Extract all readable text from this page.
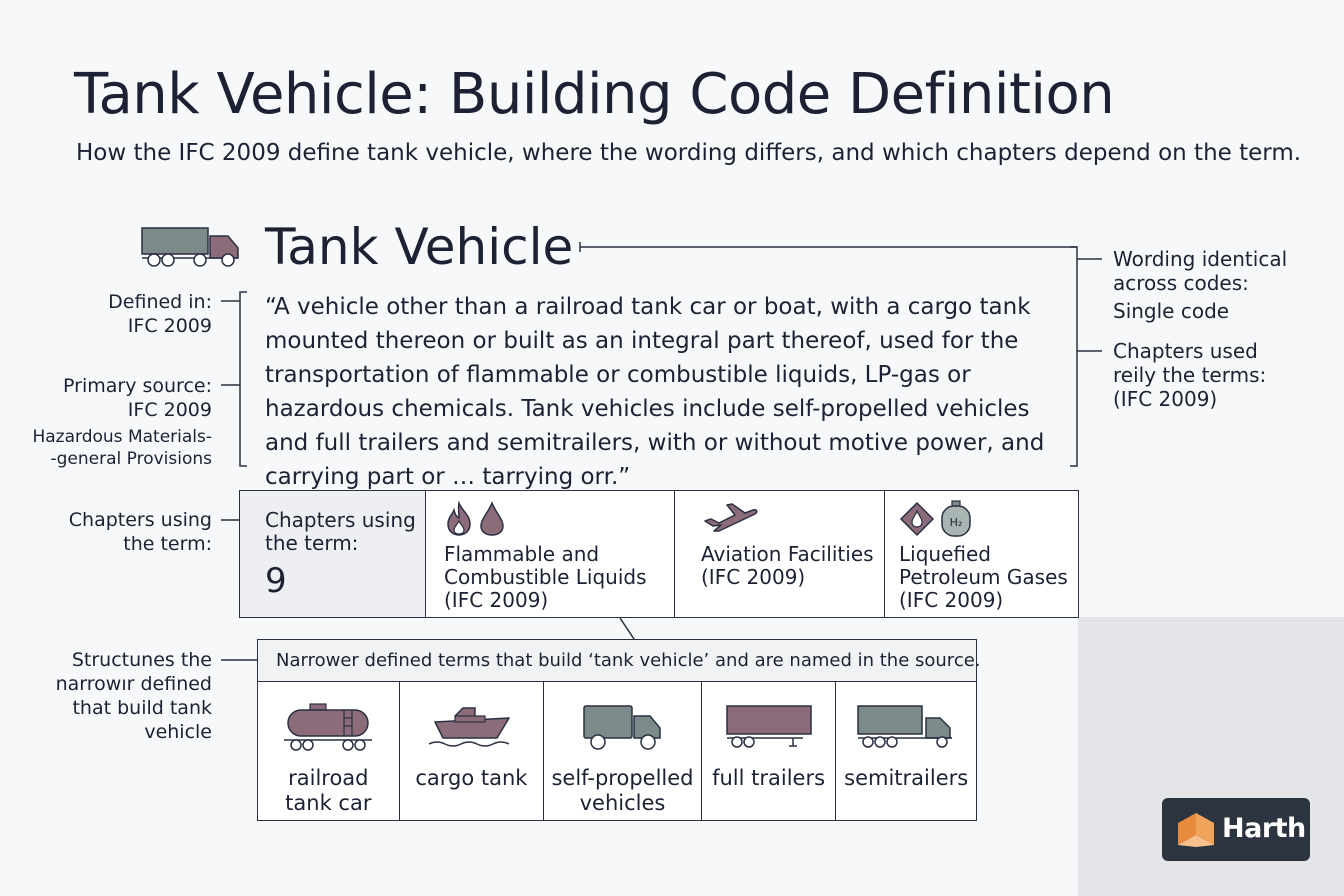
Tank Vehicle: Building Code Definition
How the IFC 2009 define tank vehicle, where the wording differs, and which chapters depend on the term.
Tank Vehicle
Defined in:
IFC 2009
Primary source:
IFC 2009
Hazardous Materials-
-general Provisions
Chapters using
the term:
Structunes the
narrowır defined
that build tank
vehicle
“A vehicle other than a railroad tank car or boat, with a cargo tank mounted thereon or built as an integral part thereof, used for the transportation of flammable or combustible liquids, LP-gas or hazardous chemicals. Tank vehicles include self-propelled vehicles and full trailers and semitrailers, with or without motive power, and carrying part or … tarrying orr.”
Wording identical
across codes:
Single code
Chapters used
reily the terms:
(IFC 2009)
Chapters using
the term:
9
Flammable and
Combustible Liquids
(IFC 2009)
Aviation Facilities
(IFC 2009)
H₂
Liquefied
Petroleum Gases
(IFC 2009)
Narrower defined terms that build ‘tank vehicle’ and are named in the source.
railroad
tank car
cargo tank	self-propelled
vehicles
full trailers semitrailers
Harth
